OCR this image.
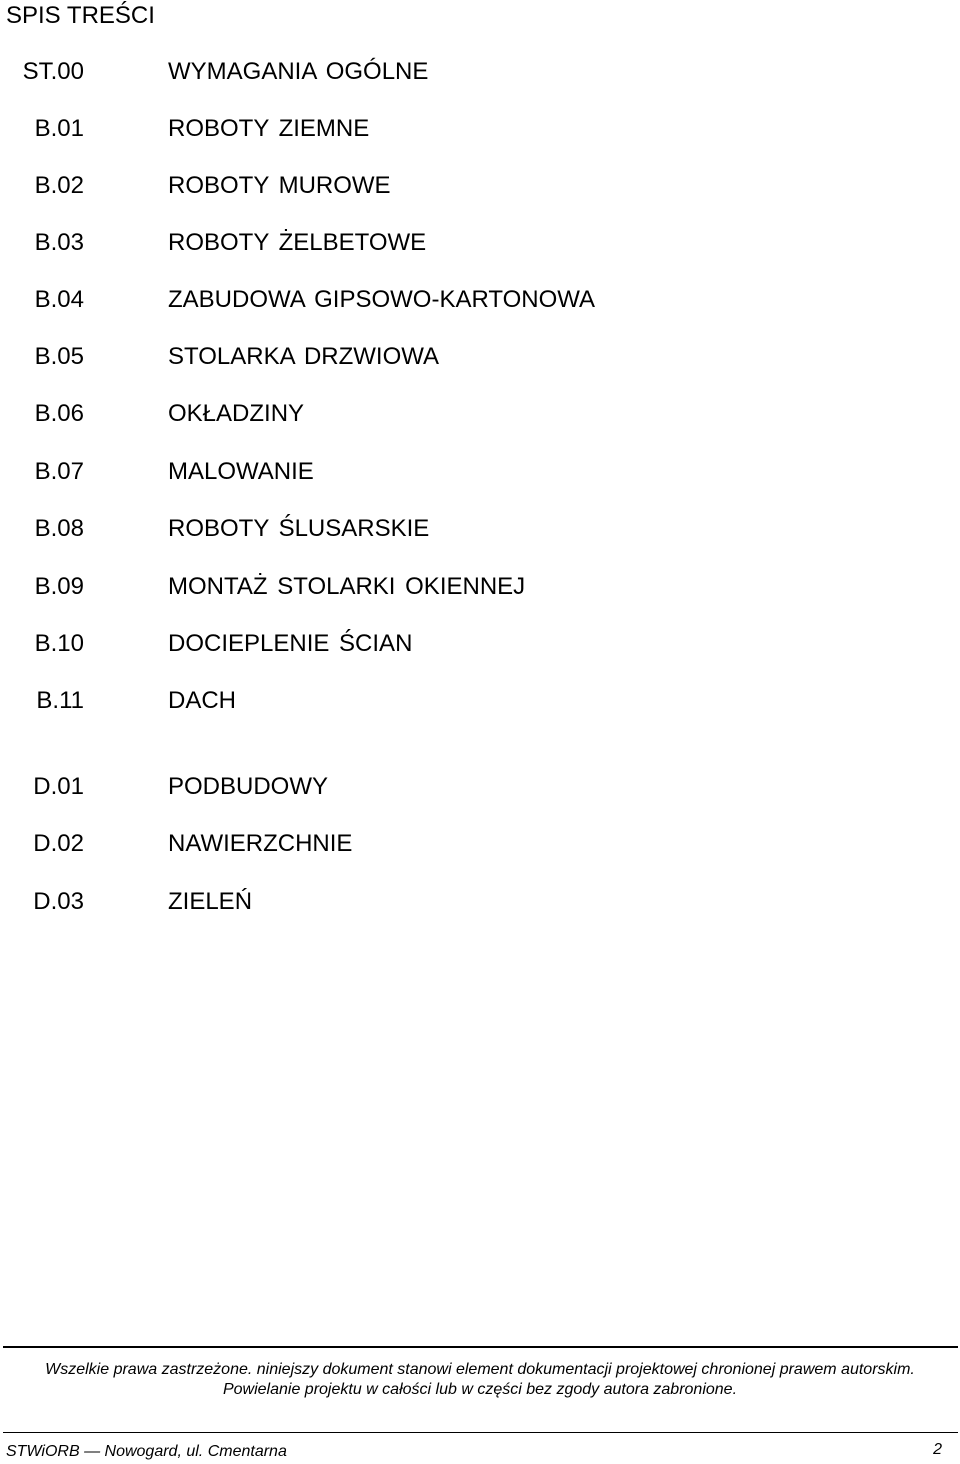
SPIS TREŚCI
ST.00	WYMAGANIA OGÓLNE
B.01	ROBOTY ZIEMNE
B.02	ROBOTY MUROWE
B.03	ROBOTY ŻELBETOWE
B.04	ZABUDOWA GIPSOWO-KARTONOWA
B.05	STOLARKA DRZWIOWA
B.06	OKŁADZINY
B.07	MALOWANIE
B.08	ROBOTY ŚLUSARSKIE
B.09	MONTAŻ STOLARKI OKIENNEJ
B.10	DOCIEPLENIE ŚCIAN
B.11	DACH
D.01	PODBUDOWY
D.02	NAWIERZCHNIE
D.03	ZIELEŃ
Wszelkie prawa zastrzeżone. niniejszy dokument stanowi element dokumentacji projektowej chronionej prawem autorskim.
Powielanie projektu w całości lub w części bez zgody autora zabronione.
STWiORB — Nowogard, ul. Cmentarna	2
